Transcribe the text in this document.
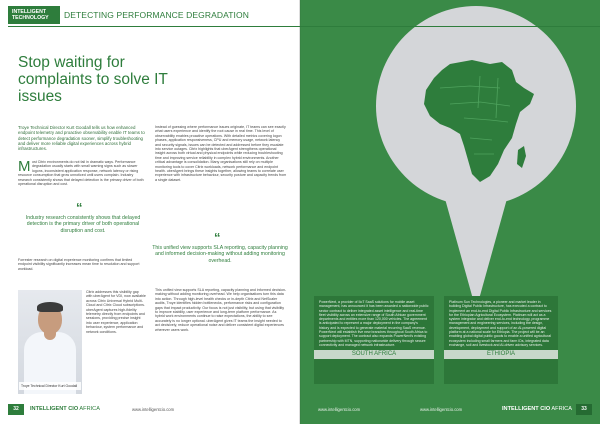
Troye Technical Director Kurt Goodall tells us how enhanced endpoint telemetry and proactive observability enable IT teams to detect performance degradation sooner, simplify troubleshooting and deliver more reliable digital experiences across hybrid infrastructures.
Most Citrix environments do not fail in dramatic ways. Performance degradation usually starts with small warning signs such as slower logons, inconsistent application response, network latency or rising resource consumption that grow unnoticed until users complain. Industry research consistently shows that delayed detection is the primary driver of both operational disruption and cost.
“
Industry research consistently shows that delayed detection is the primary driver of both operational disruption and cost.
Forrester research on digital experience monitoring confirms that limited endpoint visibility significantly increases mean time to resolution and support workload.
Troye Technical Director Kurt Goodall
Citrix addresses this visibility gap with uberAgent for VDI, now available across Citrix Universal Hybrid Multi-Cloud and Citrix Cloud subscriptions. uberAgent captures high-fidelity telemetry directly from endpoints and sessions, providing precise insight into user experience, application behaviour, system performance and network conditions.
Instead of guessing where performance issues originate, IT teams can see exactly what users experience and identify the root cause in real time. This level of observability enables proactive operations. With detailed metrics covering logon phases, application responsiveness, CPU and memory usage, network latency and security signals, issues can be detected and addressed before they escalate into service outages. Citrix highlights that uberAgent strengthens operational insight across both virtual and physical endpoints while reducing troubleshooting time and improving service reliability in complex hybrid environments. Another critical advantage is consolidation. Many organisations still rely on multiple monitoring tools to cover Citrix workloads, network performance and endpoint health. uberAgent brings these insights together, allowing teams to correlate user experience with infrastructure behaviour, security posture and capacity trends from a single dataset.
“
This unified view supports SLA reporting, capacity planning and informed decision-making without adding monitoring overhead.
This unified view supports SLA reporting, capacity planning and informed decision-making without adding monitoring overhead. We help organisations turn this data into action. Through high-level health checks or in-depth Citrix and NetScaler audits, Troye identifies hidden bottlenecks, performance risks and configuration gaps that impact productivity. Our focus is not just visibility, but using that visibility to improve stability, user experience and long-term platform performance. As hybrid work environments continue to raise expectations, the ability to see accurately is no longer optional. uberAgent gives IT teams the insight needed to act decisively, reduce operational noise and deliver consistent digital experiences wherever users work.
PowerNext, a provider of IIoT SaaS solutions for mobile asset management, has announced it has been awarded a nationwide public sector contract to deliver integrated asset intelligence and real-time fleet visibility across an extensive range of South African government departments and entities more than 120,000 vehicles. The agreement is anticipated to represent a major deployment in the company's history and is expected to generate material recurring SaaS revenue. PowerNext will establish five new branches throughout South Africa to support deployment. The contract also expands PowerNext's existing partnership with MTN, supporting nationwide delivery through secure connectivity and managed network infrastructure.
SOUTH AFRICA
Platinum Sun Technologies, a pioneer and market leader in building Digital Public Infrastructure, has executed a contract to implement an end-to-end Digital Public Infrastructure and services for the Ethiopian Agricultural Ecosystem. Platinum will act as a system integrator and deliver end-to-end technology, programme management and engineering services, including the design, development, deployment and support of an AI-powered digital platform at a national scale for Ethiopia. The project will be an enabling global digital public goods to enable a unified agricultural ecosystem including small farmers and farm IDs, integrated data exchange, soil and livestock and AI-driven advisory services.
ETHIOPIA
INTELLIGENT TECHNOLOGY	DETECTING PERFORMANCE DEGRADATION
Stop waiting for complaints to solve IT issues
32	INTELLIGENT CIO AFRICA	www.intelligentcio.com	www.intelligentcio.com	www.intelligentcio.com	INTELLIGENT CIO AFRICA	33
